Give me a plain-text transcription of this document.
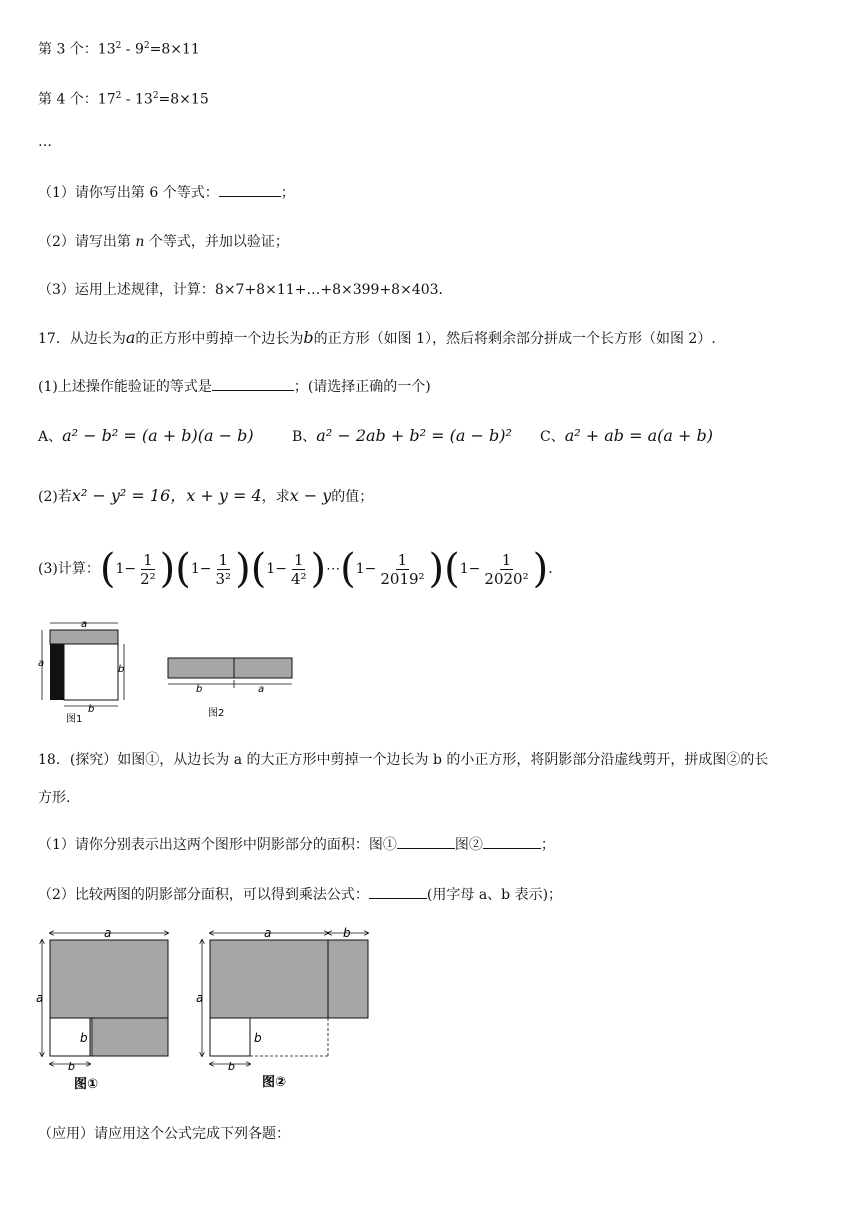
第 3 个：$13^2 - 9^2=8\times 11$
第 4 个：$17^2 - 13^2=8\times 15$
…
（1）请你写出第 6 个等式：	；
（2）请写出第 n 个等式，并加以验证；
（3）运用上述规律，计算：8×7+8×11+…+8×399+8×403．
17．从边长为a的正方形中剪掉一个边长为b的正方形（如图 1），然后将剩余部分拼成一个长方形（如图 2）.
(1)上述操作能验证的等式是	；(请选择正确的一个)
A、a² − b² = (a + b)(a − b)	B、a² − 2ab + b² = (a − b)² C、a² + ab = a(a + b)
(2)若x² − y² = 16，x + y = 4，求x − y的值；
(3)计算： ( $1- \frac{1}{\text{2²}}$ ) ( $1- \frac{1}{\text{3²}}$ ) ( $1- \frac{1}{\text{4²}}$ ) ⋯ ( $1- \frac{1}{\text{2019²}}$ ) ( $1- \frac{1}{\text{2020²}}$ ) ．
a
a
b
b
图1
b	a
图2
18．(探究）如图①，从边长为 a 的大正方形中剪掉一个边长为 b 的小正方形，将阴影部分沿虚线剪开，拼成图②的长
方形.
（1）请你分别表示出这两个图形中阴影部分的面积：图①	图②	；
（2）比较两图的阴影部分面积，可以得到乘法公式：	(用字母 a、b 表示)；
a
a
b
b
图①
a	b
a
b
b
图②
（应用）请应用这个公式完成下列各题：
